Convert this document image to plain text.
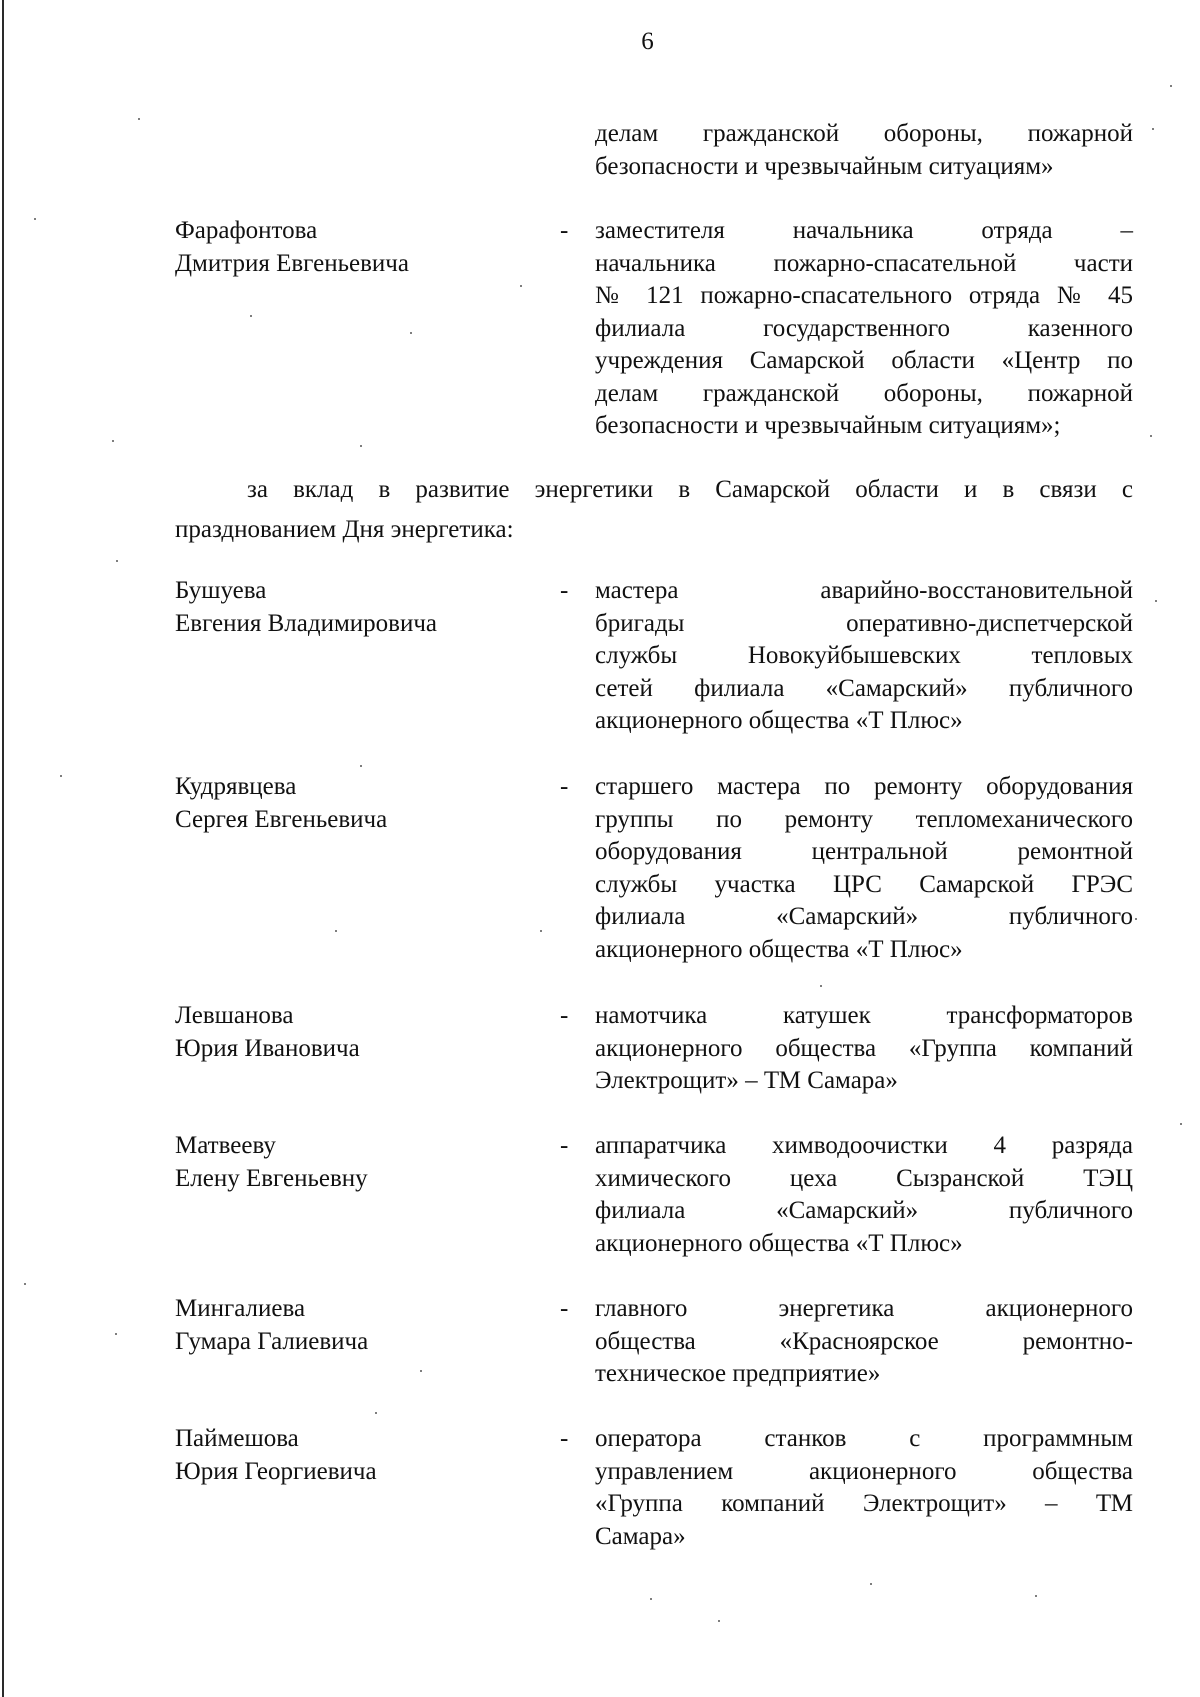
6
делам гражданской обороны, пожарной
безопасности и чрезвычайным ситуациям»
Фарафонтова
Дмитрия Евгеньевича
- заместителя начальника отряда –
начальника пожарно-спасательной части
№ 121 пожарно-спасательного отряда № 45
филиала государственного казенного
учреждения Самарской области «Центр по
делам гражданской обороны, пожарной
безопасности и чрезвычайным ситуациям»;
за вклад в развитие энергетики в Самарской области и в связи с
празднованием Дня энергетика:
Бушуева
Евгения Владимировича
- мастера аварийно-восстановительной
бригады оперативно-диспетчерской
службы Новокуйбышевских тепловых
сетей филиала «Самарский» публичного
акционерного общества «Т Плюс»
Кудрявцева
Сергея Евгеньевича
- старшего мастера по ремонту оборудования
группы по ремонту тепломеханического
оборудования центральной ремонтной
службы участка ЦРС Самарской ГРЭС
филиала «Самарский» публичного
акционерного общества «Т Плюс»
Левшанова
Юрия Ивановича
- намотчика катушек трансформаторов
акционерного общества «Группа компаний
Электрощит» – ТМ Самара»
Матвееву
Елену Евгеньевну
- аппаратчика химводоочистки 4 разряда
химического цеха Сызранской ТЭЦ
филиала «Самарский» публичного
акционерного общества «Т Плюс»
Мингалиева
Гумара Галиевича
- главного энергетика акционерного
общества «Красноярское ремонтно-
техническое предприятие»
Паймешова
Юрия Георгиевича
- оператора станков с программным
управлением акционерного общества
«Группа компаний Электрощит» – ТМ
Самара»
